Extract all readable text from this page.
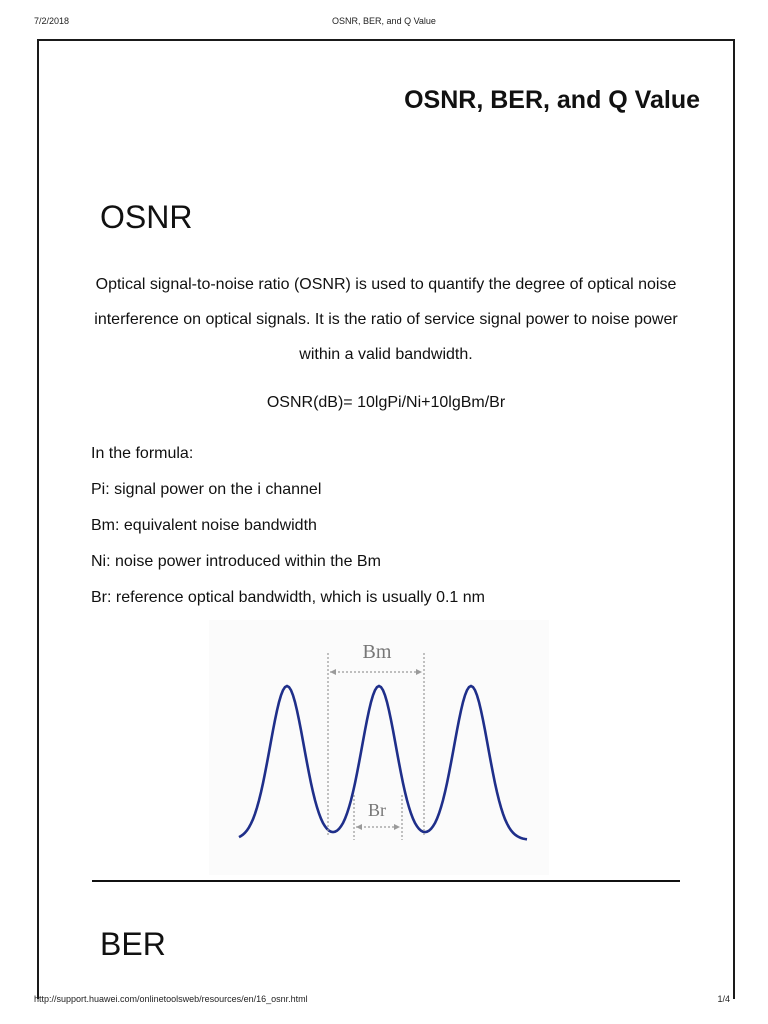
7/2/2018	OSNR, BER, and Q Value
OSNR, BER, and Q Value
OSNR

Optical signal-to-noise ratio (OSNR) is used to quantify the degree of optical noise interference on optical signals. It is the ratio of service signal power to noise power within a valid bandwidth.

OSNR(dB)= 10lgPi/Ni+10lgBm/Br
In the formula:
Pi: signal power on the i channel
Bm: equivalent noise bandwidth
Ni: noise power introduced within the Bm
Br: reference optical bandwidth, which is usually 0.1 nm
Bm
Br
BER
http://support.huawei.com/onlinetoolsweb/resources/en/16_osnr.html	1/4
